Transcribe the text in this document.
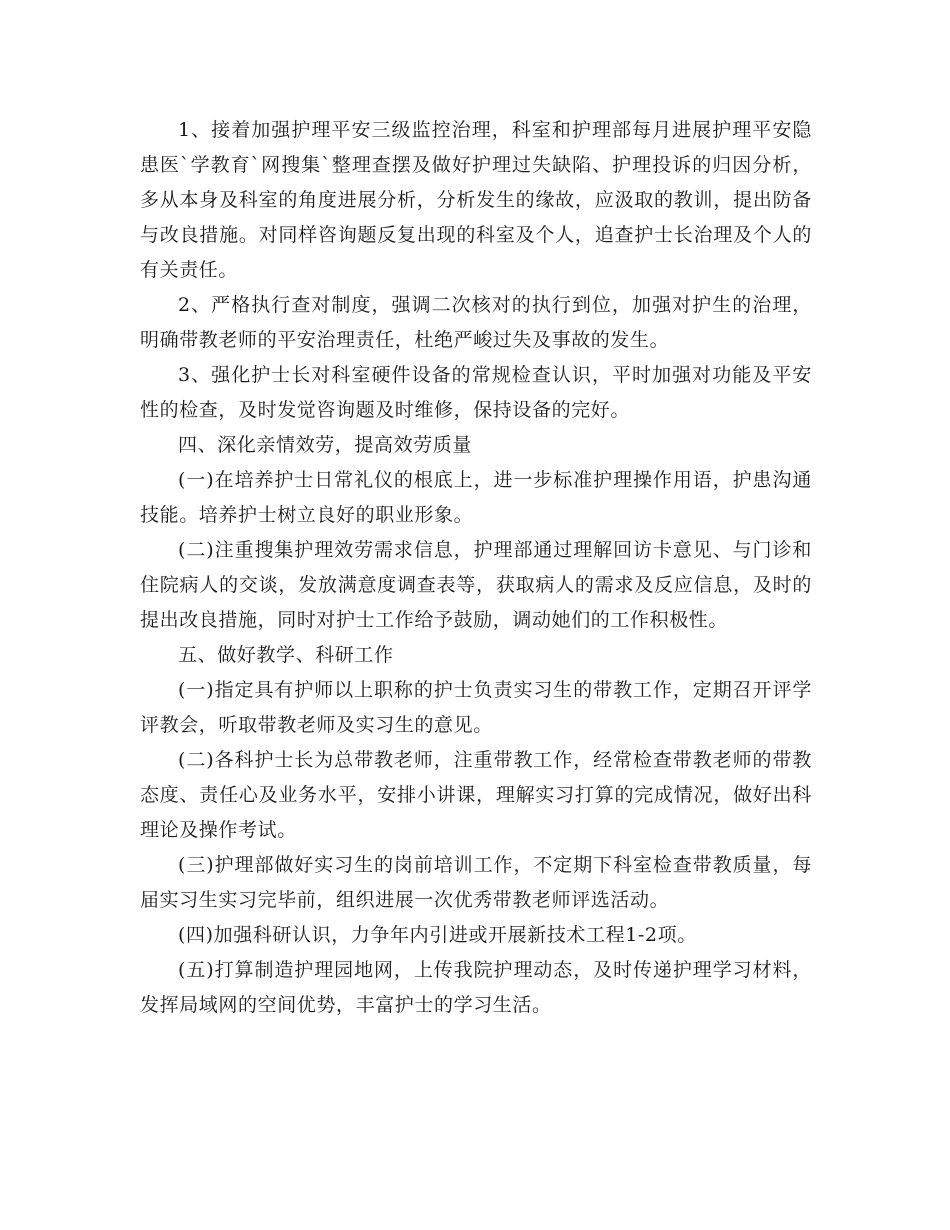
1、接着加强护理平安三级监控治理，科室和护理部每月进展护理平安隐患医`学教育`网搜集`整理查摆及做好护理过失缺陷、护理投诉的归因分析，多从本身及科室的角度进展分析，分析发生的缘故，应汲取的教训，提出防备与改良措施。对同样咨询题反复出现的科室及个人，追查护士长治理及个人的有关责任。

2、严格执行查对制度，强调二次核对的执行到位，加强对护生的治理，明确带教老师的平安治理责任，杜绝严峻过失及事故的发生。

3、强化护士长对科室硬件设备的常规检查认识，平时加强对功能及平安性的检查，及时发觉咨询题及时维修，保持设备的完好。

四、深化亲情效劳，提高效劳质量

(一)在培养护士日常礼仪的根底上，进一步标准护理操作用语，护患沟通技能。培养护士树立良好的职业形象。

(二)注重搜集护理效劳需求信息，护理部通过理解回访卡意见、与门诊和住院病人的交谈，发放满意度调查表等，获取病人的需求及反应信息，及时的提出改良措施，同时对护士工作给予鼓励，调动她们的工作积极性。

五、做好教学、科研工作

(一)指定具有护师以上职称的护士负责实习生的带教工作，定期召开评学评教会，听取带教老师及实习生的意见。

(二)各科护士长为总带教老师，注重带教工作，经常检查带教老师的带教态度、责任心及业务水平，安排小讲课，理解实习打算的完成情况，做好出科理论及操作考试。

(三)护理部做好实习生的岗前培训工作，不定期下科室检查带教质量，每届实习生实习完毕前，组织进展一次优秀带教老师评选活动。

(四)加强科研认识，力争年内引进或开展新技术工程1-2项。

(五)打算制造护理园地网，上传我院护理动态，及时传递护理学习材料，发挥局域网的空间优势，丰富护士的学习生活。
